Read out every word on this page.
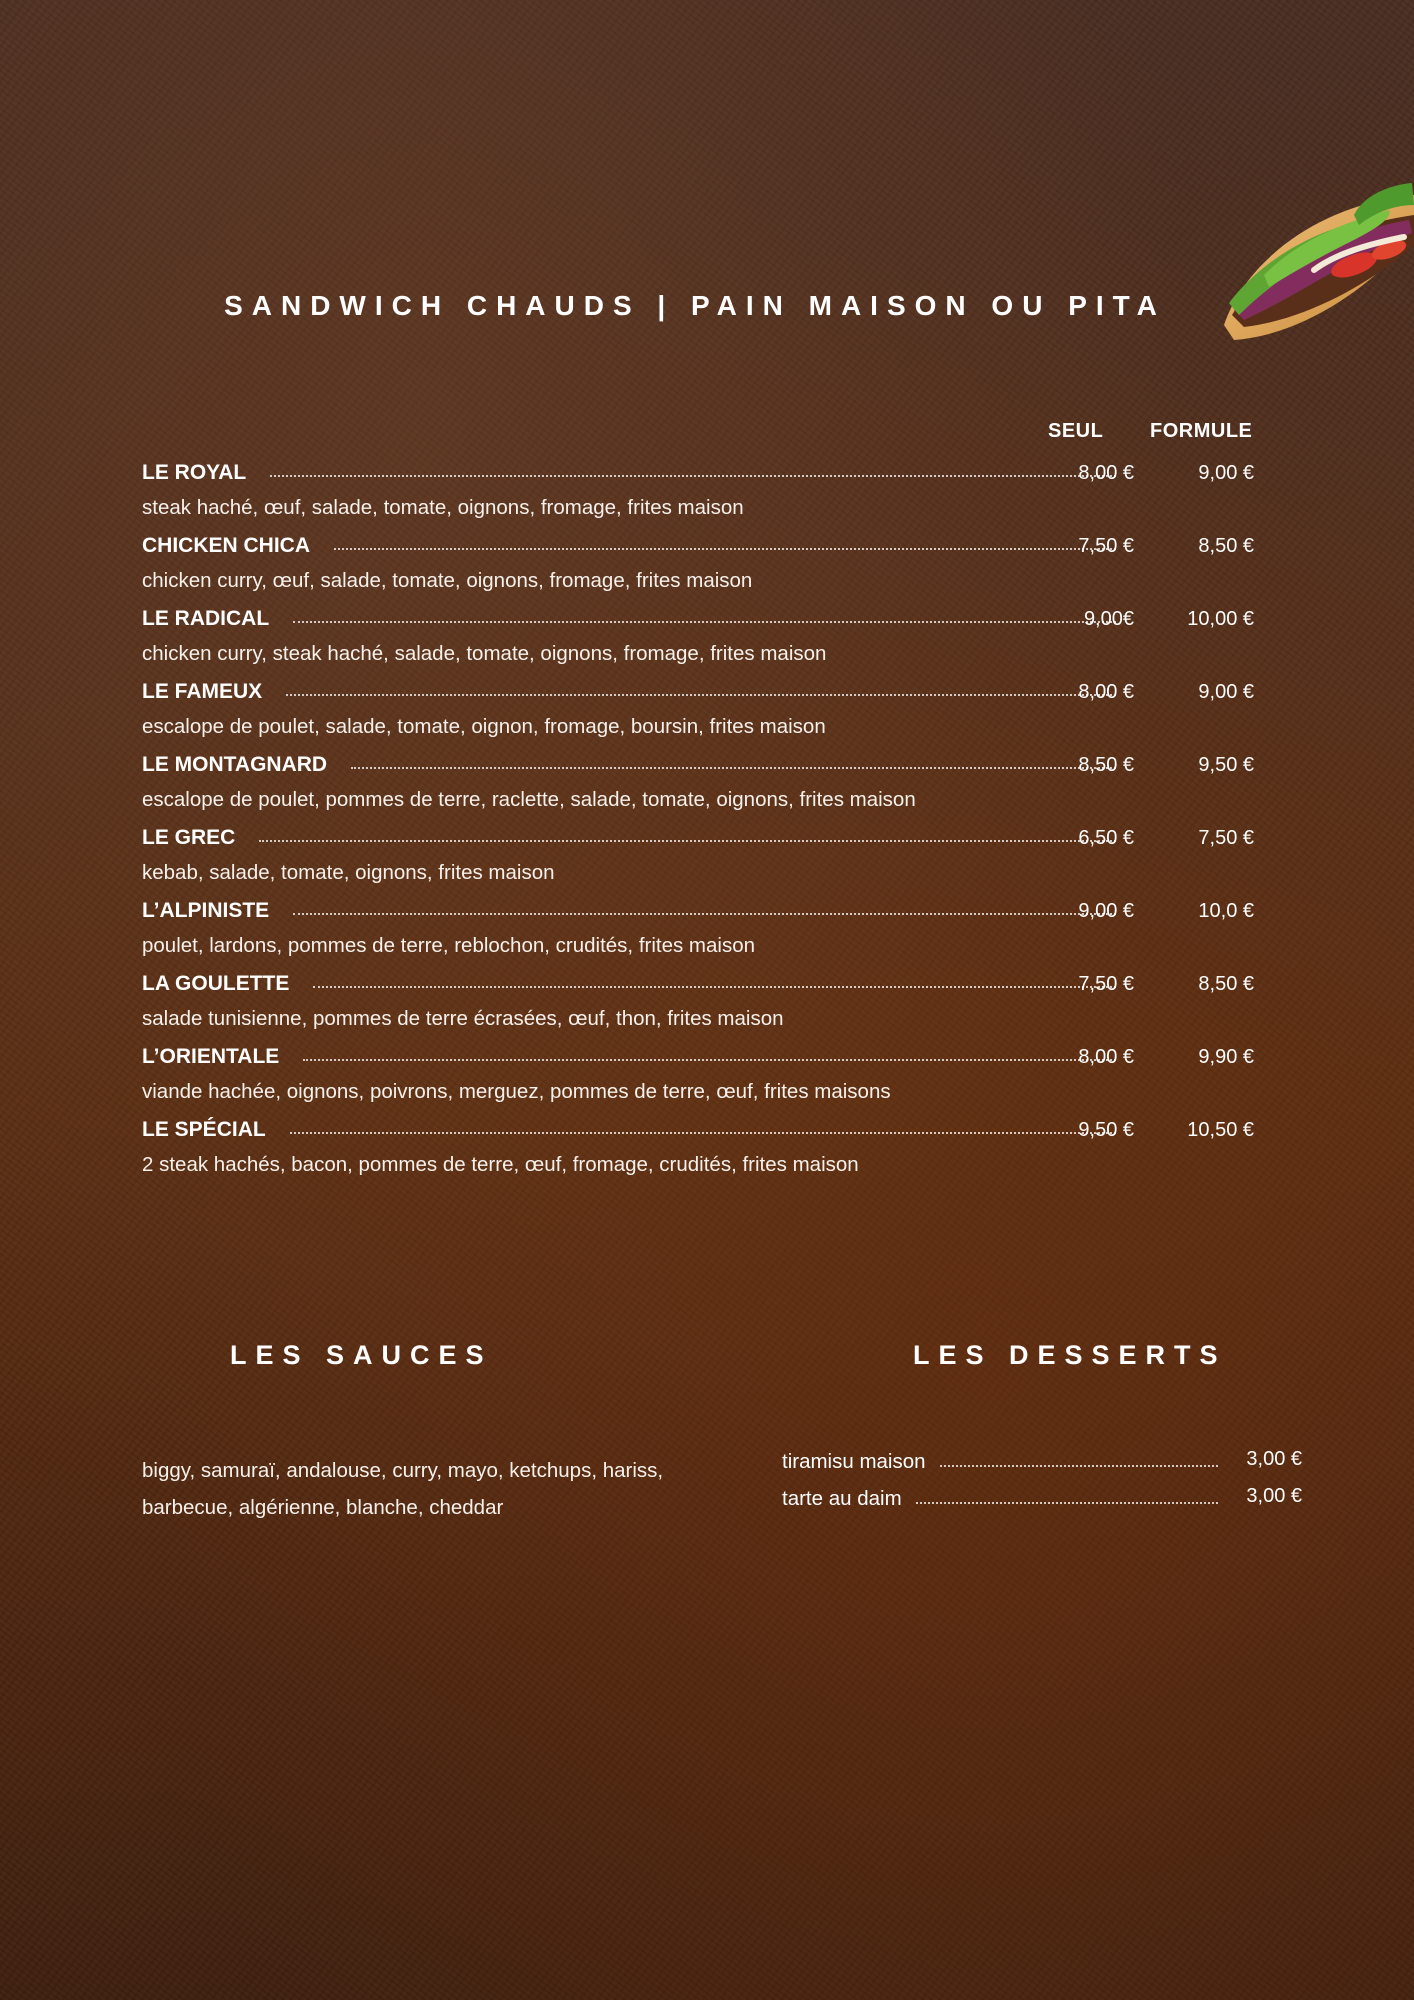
SANDWICH CHAUDS | PAIN MAISON OU PITA
SEUL FORMULE
LE ROYAL	8,00 €	9,00 €
steak haché, œuf, salade, tomate, oignons, fromage, frites maison
CHICKEN CHICA	7,50 €	8,50 €
chicken curry, œuf, salade, tomate, oignons, fromage, frites maison
LE RADICAL	9,00€	10,00 €
chicken curry, steak haché, salade, tomate, oignons, fromage, frites maison
LE FAMEUX	8,00 €	9,00 €
escalope de poulet, salade, tomate, oignon, fromage, boursin, frites maison
LE MONTAGNARD	8,50 €	9,50 €
escalope de poulet, pommes de terre, raclette, salade, tomate, oignons, frites maison
LE GREC	6,50 €	7,50 €
kebab, salade, tomate, oignons, frites maison
L’ALPINISTE	9,00 €	10,0 €
poulet, lardons, pommes de terre, reblochon, crudités, frites maison
LA GOULETTE	7,50 €	8,50 €
salade tunisienne, pommes de terre écrasées, œuf, thon, frites maison
L’ORIENTALE	8,00 €	9,90 €
viande hachée, oignons, poivrons, merguez, pommes de terre, œuf, frites maisons
LE SPÉCIAL	9,50 €	10,50 €
2 steak hachés, bacon, pommes de terre, œuf, fromage, crudités, frites maison
LES SAUCES	LES DESSERTS
biggy, samuraï, andalouse, curry, mayo, ketchups, hariss,
barbecue, algérienne, blanche, cheddar
tiramisu maison	3,00 €
tarte au daim	3,00 €
